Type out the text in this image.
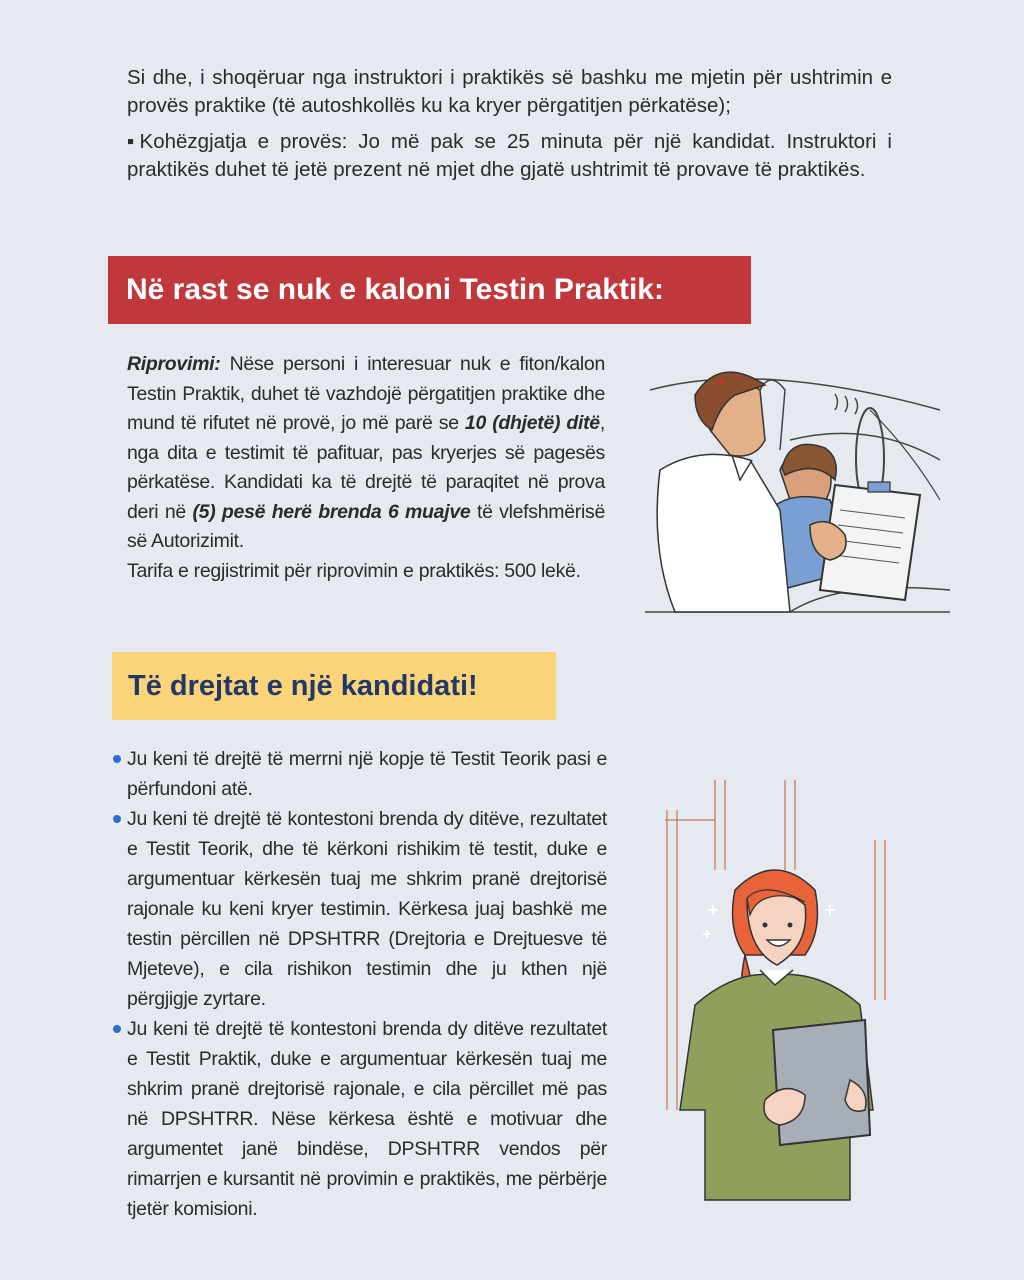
Si dhe, i shoqëruar nga instruktori i praktikës së bashku me mjetin për ushtrimin e provës praktike (të autoshkollës ku ka kryer përgatitjen përkatëse);

▪Kohëzgjatja e provës: Jo më pak se 25 minuta për një kandidat. Instruktori i praktikës duhet të jetë prezent në mjet dhe gjatë ushtrimit të provave të praktikës.

Në rast se nuk e kaloni Testin Praktik:

Riprovimi: Nëse personi i interesuar nuk e fiton/kalon Testin Praktik, duhet të vazhdojë përgatitjen praktike dhe mund të rifutet në provë, jo më parë se 10 (dhjetë) ditë, nga dita e testimit të pafituar, pas kryerjes së pagesës përkatëse. Kandidati ka të drejtë të paraqitet në prova deri në (5) pesë herë brenda 6 muajve të vlefshmërisë së Autorizimit.

Tarifa e regjistrimit për riprovimin e praktikës: 500 lekë.

Të drejtat e një kandidati!
Ju keni të drejtë të merrni një kopje të Testit Teorik pasi e përfundoni atë.
Ju keni të drejtë të kontestoni brenda dy ditëve, rezultatet e Testit Teorik, dhe të kërkoni rishikim të testit, duke e argumentuar kërkesën tuaj me shkrim pranë drejtorisë rajonale ku keni kryer testimin. Kërkesa juaj bashkë me testin përcillen në DPSHTRR (Drejtoria e Drejtuesve të Mjeteve), e cila rishikon testimin dhe ju kthen një përgjigje zyrtare.
Ju keni të drejtë të kontestoni brenda dy ditëve rezultatet e Testit Praktik, duke e argumentuar kërkesën tuaj me shkrim pranë drejtorisë rajonale, e cila përcillet më pas në DPSHTRR. Nëse kërkesa është e motivuar dhe argumentet janë bindëse, DPSHTRR vendos për rimarrjen e kursantit në provimin e praktikës, me përbërje tjetër komisioni.
